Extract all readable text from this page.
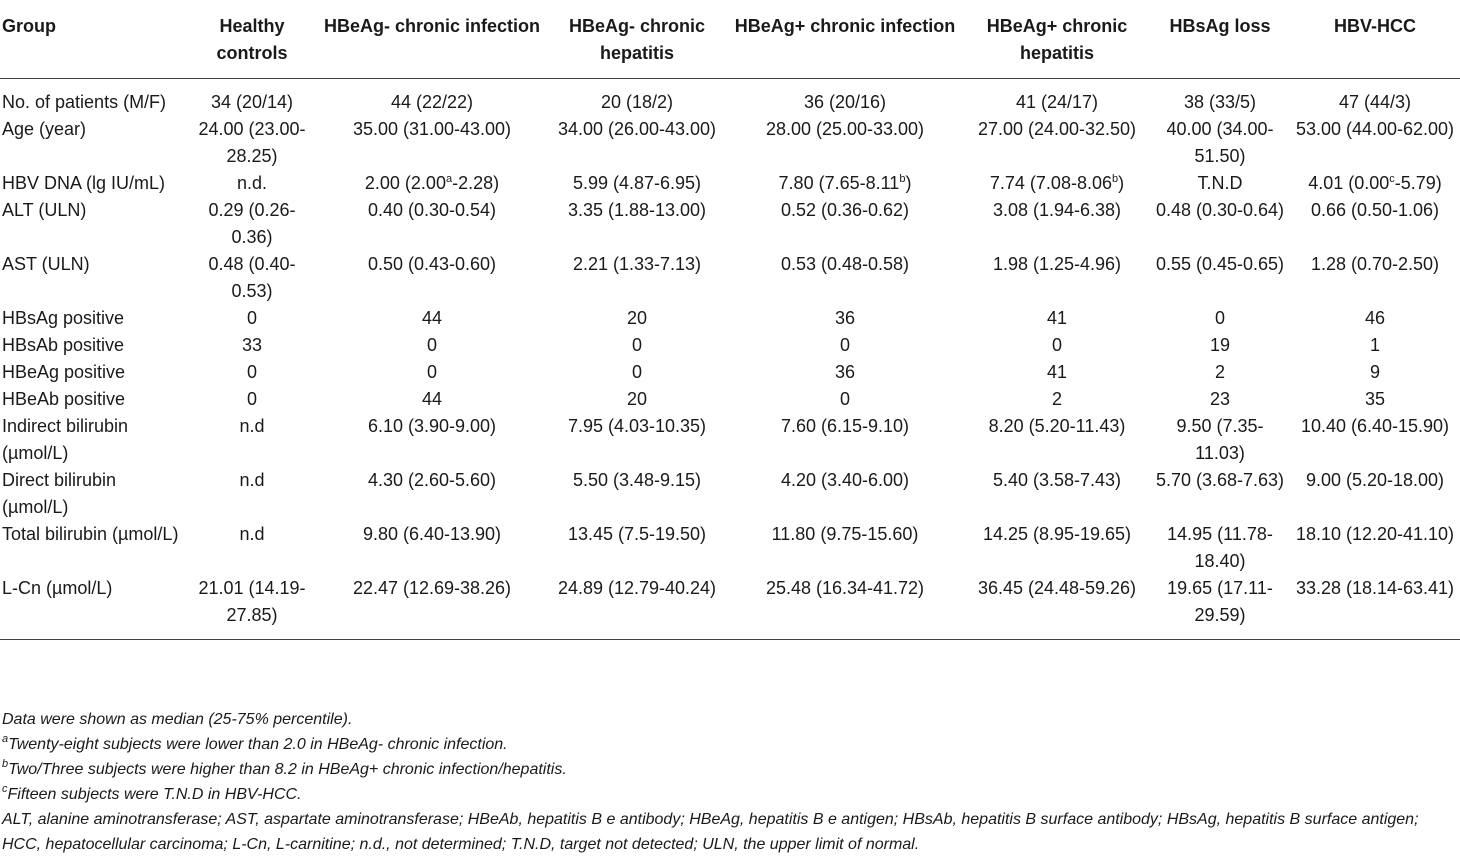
Group	Healthy controls	HBeAg- chronic infection	HBeAg- chronic hepatitis	HBeAg+ chronic infection	HBeAg+ chronic hepatitis	HBsAg loss	HBV-HCC
No. of patients (M/F)	34 (20/14)	44 (22/22)	20 (18/2)	36 (20/16)	41 (24/17)	38 (33/5)	47 (44/3)
Age (year)	24.00 (23.00-28.25)	35.00 (31.00-43.00)	34.00 (26.00-43.00)	28.00 (25.00-33.00)	27.00 (24.00-32.50)	40.00 (34.00-51.50)	53.00 (44.00-62.00)
HBV DNA (lg IU/mL)	n.d.	2.00 (2.00$^a$-2.28)	5.99 (4.87-6.95)	7.80 (7.65-8.11$^b$)	7.74 (7.08-8.06$^b$)	T.N.D	4.01 (0.00$^c$-5.79)
ALT (ULN)	0.29 (0.26-0.36)	0.40 (0.30-0.54)	3.35 (1.88-13.00)	0.52 (0.36-0.62)	3.08 (1.94-6.38)	0.48 (0.30-0.64)	0.66 (0.50-1.06)
AST (ULN)	0.48 (0.40-0.53)	0.50 (0.43-0.60)	2.21 (1.33-7.13)	0.53 (0.48-0.58)	1.98 (1.25-4.96)	0.55 (0.45-0.65)	1.28 (0.70-2.50)
HBsAg positive	0	44	20	36	41	0	46
HBsAb positive	33	0	0	0	0	19	1
HBeAg positive	0	0	0	36	41	2	9
HBeAb positive	0	44	20	0	2	23	35
Indirect bilirubin (µmol/L)	n.d	6.10 (3.90-9.00)	7.95 (4.03-10.35)	7.60 (6.15-9.10)	8.20 (5.20-11.43)	9.50 (7.35-11.03)	10.40 (6.40-15.90)
Direct bilirubin (µmol/L)	n.d	4.30 (2.60-5.60)	5.50 (3.48-9.15)	4.20 (3.40-6.00)	5.40 (3.58-7.43)	5.70 (3.68-7.63)	9.00 (5.20-18.00)
Total bilirubin (µmol/L)	n.d	9.80 (6.40-13.90)	13.45 (7.5-19.50)	11.80 (9.75-15.60)	14.25 (8.95-19.65)	14.95 (11.78-18.40)	18.10 (12.20-41.10)
L-Cn (µmol/L)	21.01 (14.19-27.85)	22.47 (12.69-38.26)	24.89 (12.79-40.24)	25.48 (16.34-41.72)	36.45 (24.48-59.26)	19.65 (17.11-29.59)	33.28 (18.14-63.41)

Data were shown as median (25-75% percentile).

$^a$Twenty-eight subjects were lower than 2.0 in HBeAg- chronic infection.

$^b$Two/Three subjects were higher than 8.2 in HBeAg+ chronic infection/hepatitis.

$^c$Fifteen subjects were T.N.D in HBV-HCC.

ALT, alanine aminotransferase; AST, aspartate aminotransferase; HBeAb, hepatitis B e antibody; HBeAg, hepatitis B e antigen; HBsAb, hepatitis B surface antibody; HBsAg, hepatitis B surface antigen; HCC, hepatocellular carcinoma; L-Cn, L-carnitine; n.d., not determined; T.N.D, target not detected; ULN, the upper limit of normal.
